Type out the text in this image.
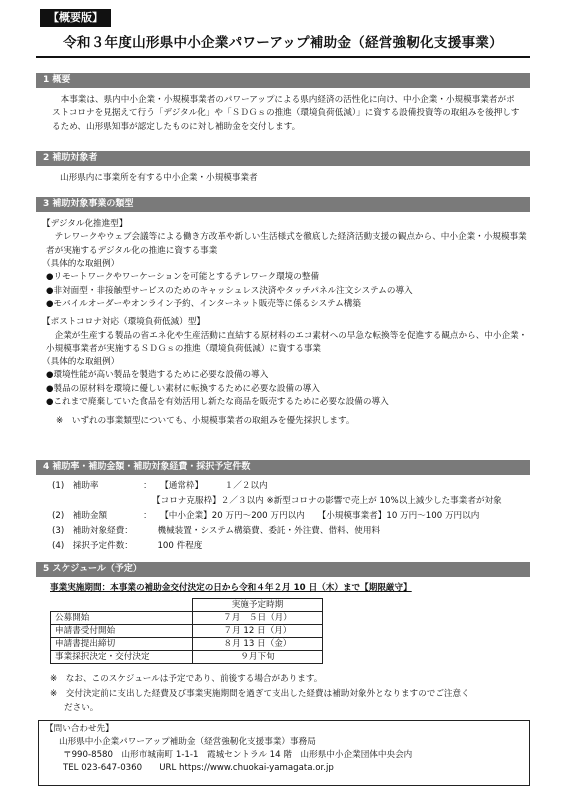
【概要版】
令和３年度山形県中小企業パワーアップ補助金（経営強靭化支援事業）
1 概要
本事業は、県内中小企業・小規模事業者のパワーアップによる県内経済の活性化に向け、中小企業・小規模事業者がポストコロナを見据えて行う「デジタル化」や「ＳＤＧｓの推進（環境負荷低減）」に資する設備投資等の取組みを後押しするため、山形県知事が認定したものに対し補助金を交付します。
2 補助対象者
山形県内に事業所を有する中小企業・小規模事業者
3 補助対象事業の類型
【デジタル化推進型】
テレワークやウェブ会議等による働き方改革や新しい生活様式を徹底した経済活動支援の観点から、中小企業・小規模事業者が実施するデジタル化の推進に資する事業
（具体的な取組例）
●リモートワークやワーケーションを可能とするテレワーク環境の整備
●非対面型・非接触型サービスのためのキャッシュレス決済やタッチパネル注文システムの導入
●モバイルオーダーやオンライン予約、インターネット販売等に係るシステム構築
【ポストコロナ対応（環境負荷低減）型】
企業が生産する製品の省エネ化や生産活動に直結する原材料のエコ素材への早急な転換等を促進する観点から、中小企業・小規模事業者が実施するＳＤＧｓの推進（環境負荷低減）に資する事業
（具体的な取組例）
●環境性能が高い製品を製造するために必要な設備の導入
●製品の原材料を環境に優しい素材に転換するために必要な設備の導入
●これまで廃棄していた食品を有効活用し新たな商品を販売するために必要な設備の導入
※　いずれの事業類型についても、小規模事業者の取組みを優先採択します。
4 補助率・補助金額・補助対象経費・採択予定件数
(1) 補助率	： 【通常枠】　　　１／２以内
【コロナ克服枠】２／３以内 ※新型コロナの影響で売上が 10%以上減少した事業者が対象
(2) 補助金額	： 【中小企業】20 万円～200 万円以内　　【小規模事業者】10 万円～100 万円以内
(3) 補助対象経費：	機械装置・システム構築費、委託・外注費、借料、使用料
(4) 採択予定件数：	100 件程度
5 スケジュール（予定）
事業実施期間：本事業の補助金交付決定の日から令和４年２月 10 日（木）まで【期限厳守】
	実施予定時期
公募開始	７月　５日（月）
申請書受付開始	７月 12 日（月）
申請書提出締切	８月 13 日（金）
事業採択決定・交付決定	９月下旬
※　なお、このスケジュールは予定であり、前後する場合があります。
※　交付決定前に支出した経費及び事業実施期間を過ぎて支出した経費は補助対象外となりますのでご注意く
ださい。
【問い合わせ先】
山形県中小企業パワーアップ補助金（経営強靭化支援事業）事務局
〒990-8580　山形市城南町 1-1-1　霞城セントラル 14 階　山形県中小企業団体中央会内
TEL 023-647-0360　　URL https://www.chuokai-yamagata.or.jp
